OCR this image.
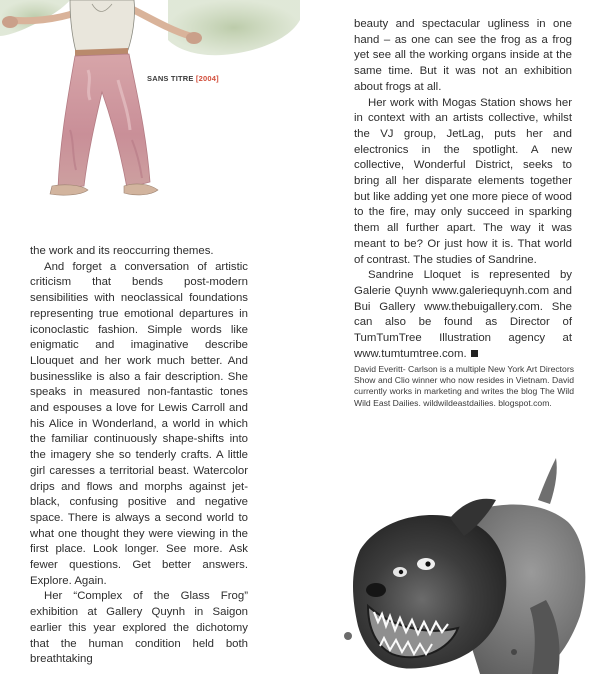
SANS TITRE [2004]

the work and its reoccurring themes.

And forget a conversation of artistic criticism that bends post-modern sensibilities with neoclassical foundations representing true emotional departures in iconoclastic fashion. Simple words like enigmatic and imaginative describe Llouquet and her work much better. And businesslike is also a fair description. She speaks in measured non-fantastic tones and espouses a love for Lewis Carroll and his Alice in Wonderland, a world in which the familiar continuously shape-shifts into the imagery she so tenderly crafts. A little girl caresses a territorial beast. Watercolor drips and flows and morphs against jet-black, confusing positive and negative space. There is always a second world to what one thought they were viewing in the first place. Look longer. See more. Ask fewer questions. Get better answers. Explore. Again.

Her “Complex of the Glass Frog” exhibition at Gallery Quynh in Saigon earlier this year explored the dichotomy that the human condition held both breathtaking

beauty and spectacular ugliness in one hand – as one can see the frog as a frog yet see all the working organs inside at the same time. But it was not an exhibition about frogs at all.

Her work with Mogas Station shows her in context with an artists collective, whilst the VJ group, JetLag, puts her and electronics in the spotlight. A new collective, Wonderful District, seeks to bring all her disparate elements together but like adding yet one more piece of wood to the fire, may only succeed in sparking them all further apart. The way it was meant to be? Or just how it is. That world of contrast. The studies of Sandrine.

Sandrine Lloquet is represented by Galerie Quynh www.galeriequynh.com and Bui Gallery www.thebuigallery.com. She can also be found as Director of TumTumTree Illustration agency at www.tumtumtree.com.

David Everitt- Carlson is a multiple New York Art Directors Show and Clio winner who now resides in Vietnam. David currently works in marketing and writes the blog The Wild Wild East Dailies. wildwildeastdailies. blogspot.com.
